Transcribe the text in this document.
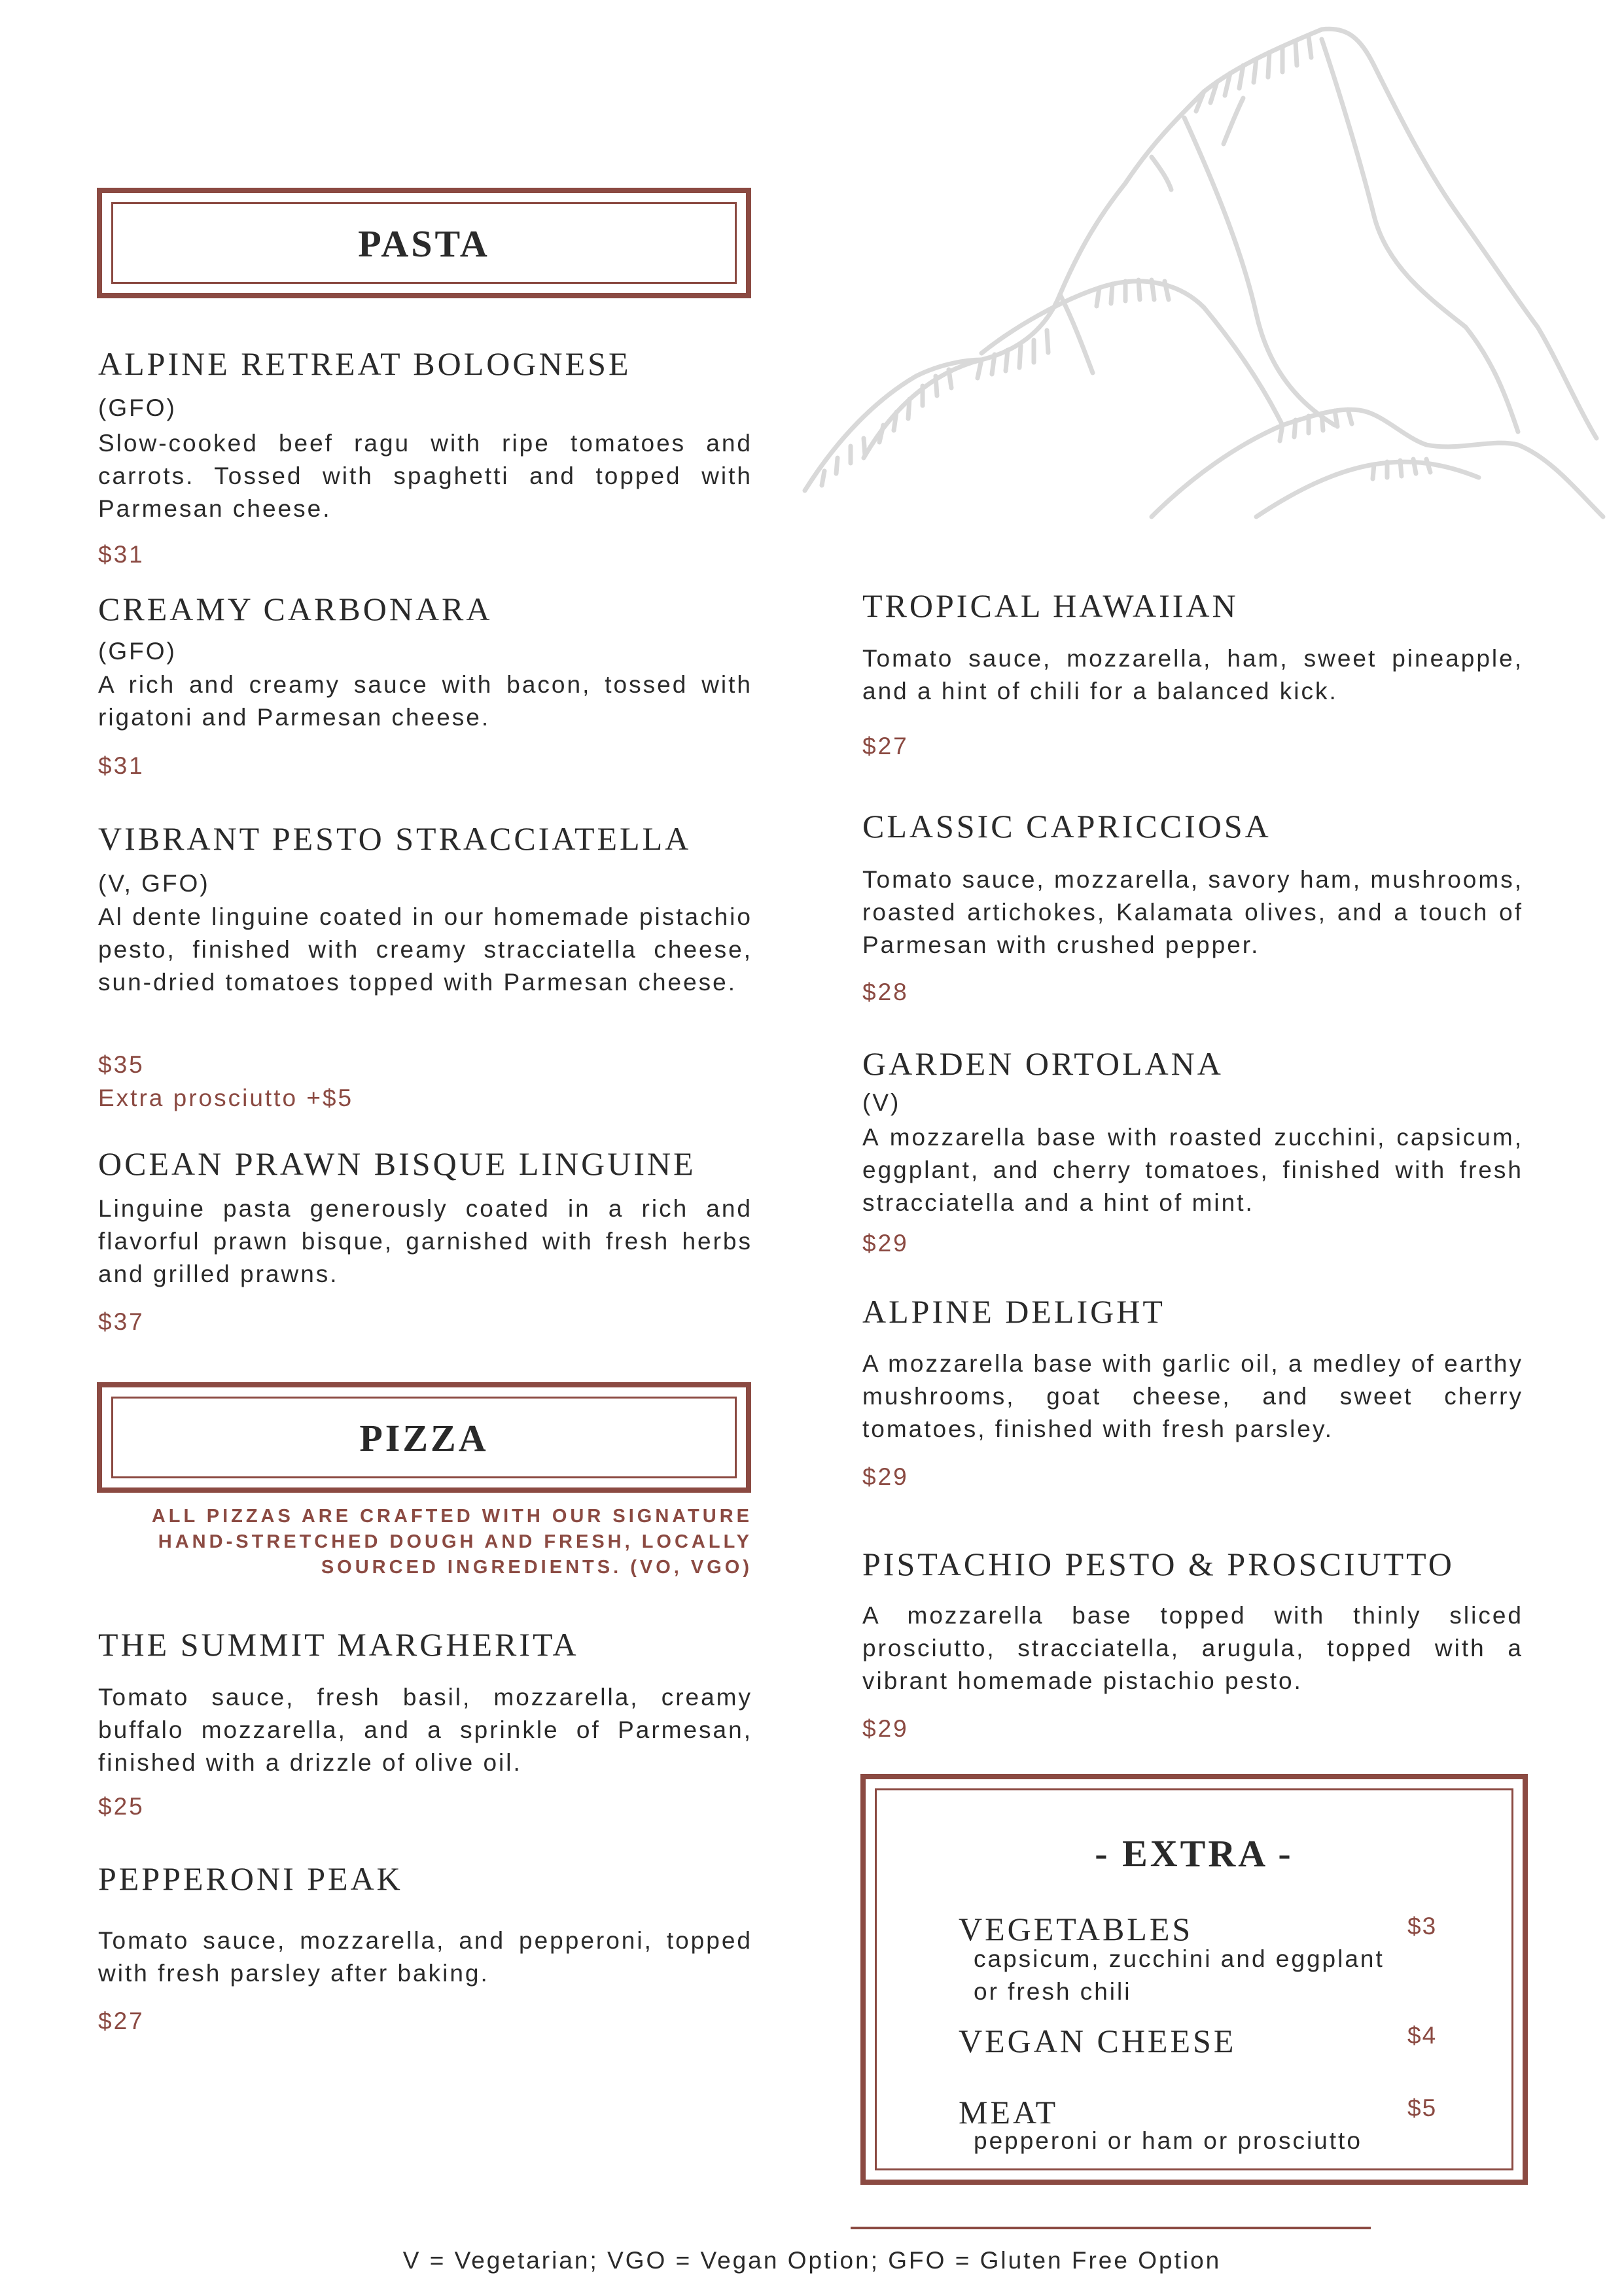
PASTA
ALPINE RETREAT BOLOGNESE
(GFO)
Slow-cooked beef ragu with ripe tomatoes and carrots. Tossed with spaghetti and topped with Parmesan cheese.
$31
CREAMY CARBONARA
(GFO)
A rich and creamy sauce with bacon, tossed with rigatoni and Parmesan cheese.
$31
VIBRANT PESTO STRACCIATELLA
(V, GFO)
Al dente linguine coated in our homemade pistachio pesto, finished with creamy stracciatella cheese, sun-dried tomatoes topped with Parmesan cheese.
$35
Extra prosciutto +$5
OCEAN PRAWN BISQUE LINGUINE
Linguine pasta generously coated in a rich and flavorful prawn bisque, garnished with fresh herbs and grilled prawns.
$37
PIZZA
ALL PIZZAS ARE CRAFTED WITH OUR SIGNATURE
HAND-STRETCHED DOUGH AND FRESH, LOCALLY
SOURCED INGREDIENTS. (VO, VGO)
THE SUMMIT MARGHERITA
Tomato sauce, fresh basil, mozzarella, creamy buffalo mozzarella, and a sprinkle of Parmesan, finished with a drizzle of olive oil.
$25
PEPPERONI PEAK
Tomato sauce, mozzarella, and pepperoni, topped with fresh parsley after baking.
$27
TROPICAL HAWAIIAN
Tomato sauce, mozzarella, ham, sweet pineapple, and a hint of chili for a balanced kick.
$27
CLASSIC CAPRICCIOSA
Tomato sauce, mozzarella, savory ham, mushrooms, roasted artichokes, Kalamata olives, and a touch of Parmesan with crushed pepper.
$28
GARDEN ORTOLANA
(V)
A mozzarella base with roasted zucchini, capsicum, eggplant, and cherry tomatoes, finished with fresh stracciatella and a hint of mint.
$29
ALPINE DELIGHT
A mozzarella base with garlic oil, a medley of earthy mushrooms, goat cheese, and sweet cherry tomatoes, finished with fresh parsley.
$29
PISTACHIO PESTO & PROSCIUTTO
A mozzarella base topped with thinly sliced prosciutto, stracciatella, arugula, topped with a vibrant homemade pistachio pesto.
$29
- EXTRA -
VEGETABLES	$3
capsicum, zucchini and eggplant
or fresh chili
VEGAN CHEESE	$4
MEAT	$5
pepperoni or ham or prosciutto
V = Vegetarian; VGO = Vegan Option; GFO = Gluten Free Option
